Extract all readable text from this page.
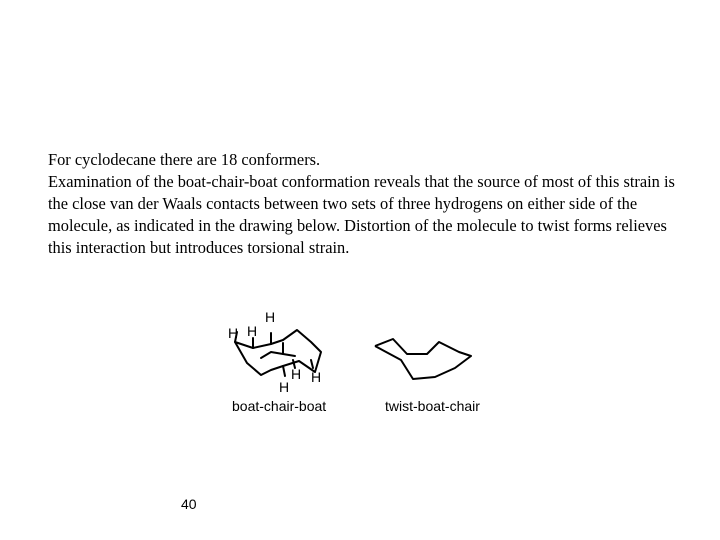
For cyclodecane there are 18 conformers.

Examination of the boat-chair-boat conformation reveals that the source of most of this strain is the close van der Waals contacts between two sets of three hydrogens on either side of the molecule, as indicated in the drawing below. Distortion of the molecule to twist forms relieves this interaction but introduces torsional strain.

H H
H
H
H
H
boat-chair-boat	twist-boat-chair
40
